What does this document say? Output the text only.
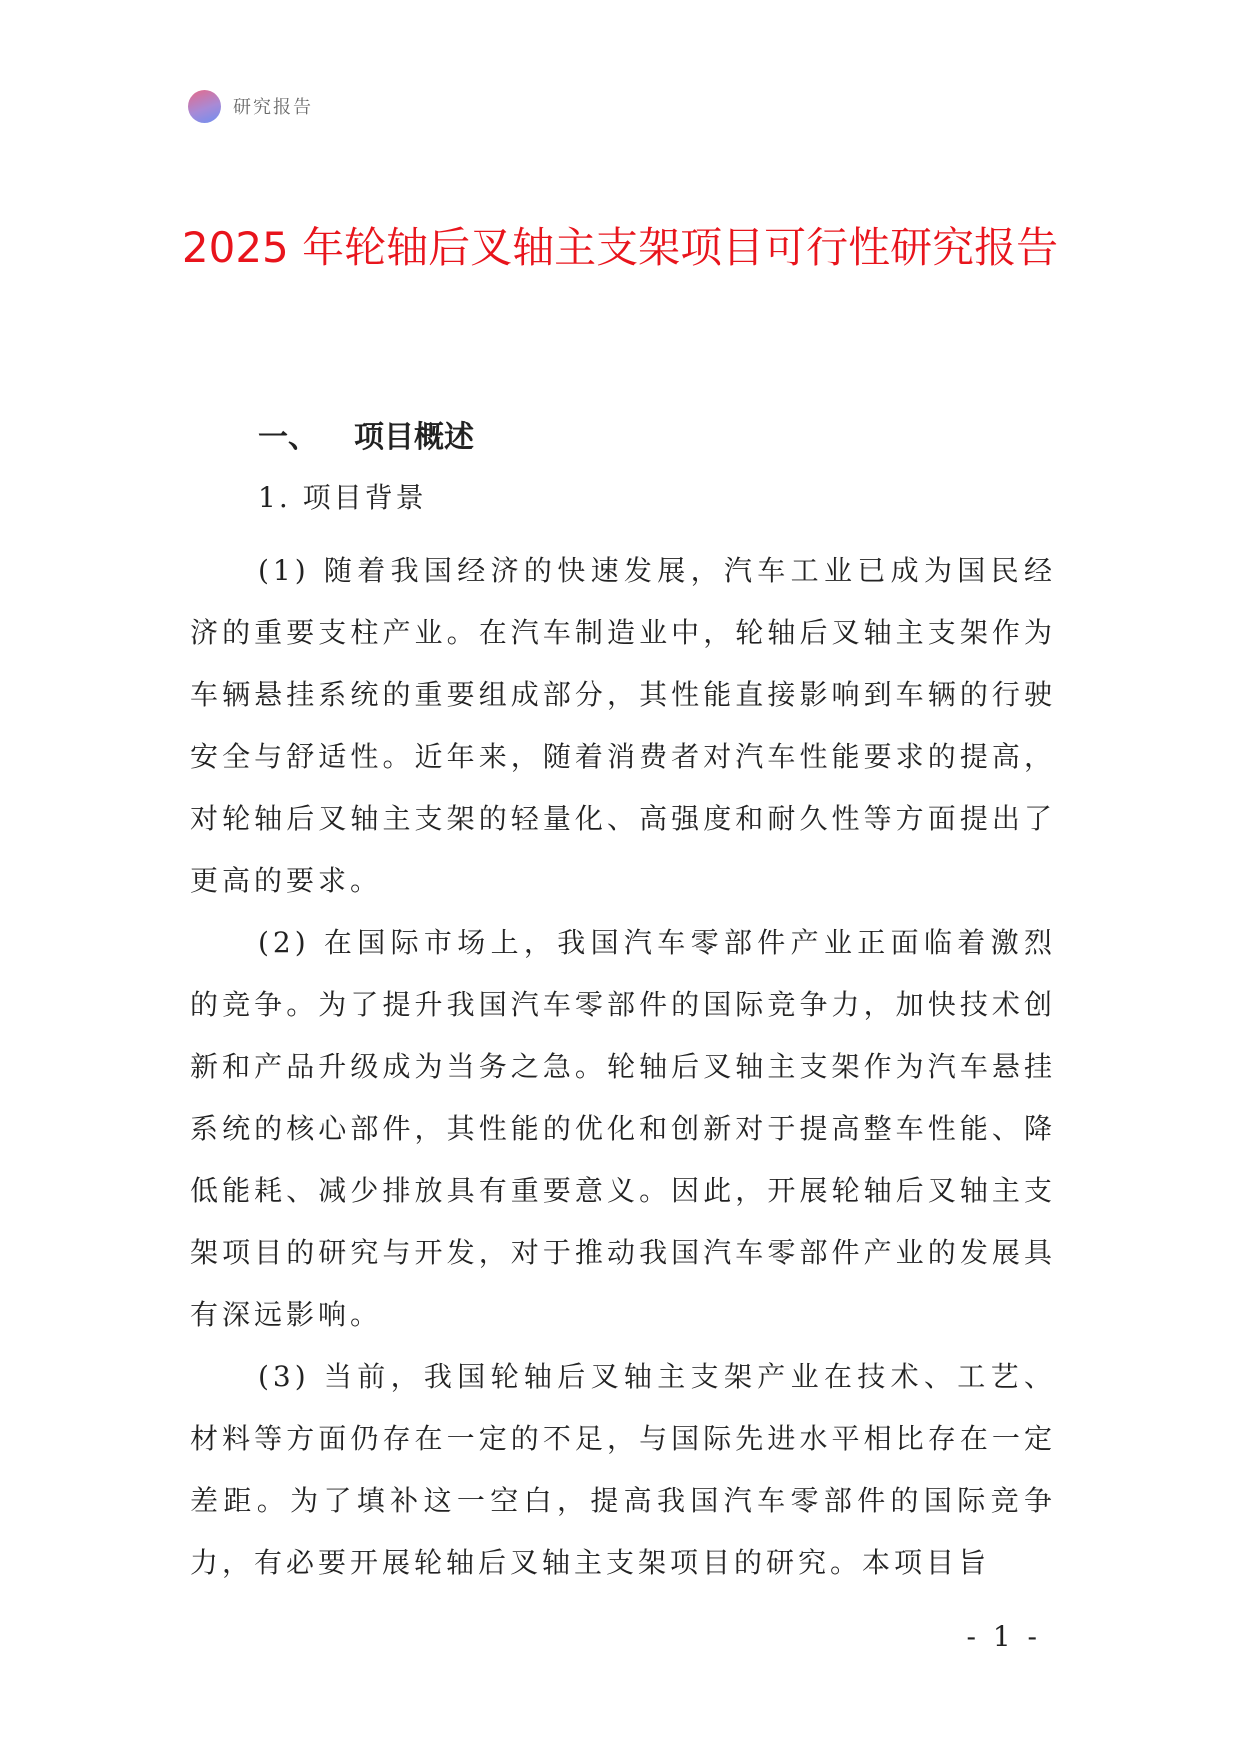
研究报告
2025 年轮轴后叉轴主支架项目可行性研究报告
一、 项目概述
1. 项目背景

(1) 随着我国经济的快速发展，汽车工业已成为国民经济的重要支柱产业。在汽车制造业中，轮轴后叉轴主支架作为车辆悬挂系统的重要组成部分，其性能直接影响到车辆的行驶安全与舒适性。近年来，随着消费者对汽车性能要求的提高，对轮轴后叉轴主支架的轻量化、高强度和耐久性等方面提出了更高的要求。

(2) 在国际市场上，我国汽车零部件产业正面临着激烈的竞争。为了提升我国汽车零部件的国际竞争力，加快技术创新和产品升级成为当务之急。轮轴后叉轴主支架作为汽车悬挂系统的核心部件，其性能的优化和创新对于提高整车性能、降低能耗、减少排放具有重要意义。因此，开展轮轴后叉轴主支架项目的研究与开发，对于推动我国汽车零部件产业的发展具有深远影响。

(3) 当前，我国轮轴后叉轴主支架产业在技术、工艺、材料等方面仍存在一定的不足，与国际先进水平相比存在一定差距。为了填补这一空白，提高我国汽车零部件的国际竞争力，有必要开展轮轴后叉轴主支架项目的研究。本项目旨

- 1 -
